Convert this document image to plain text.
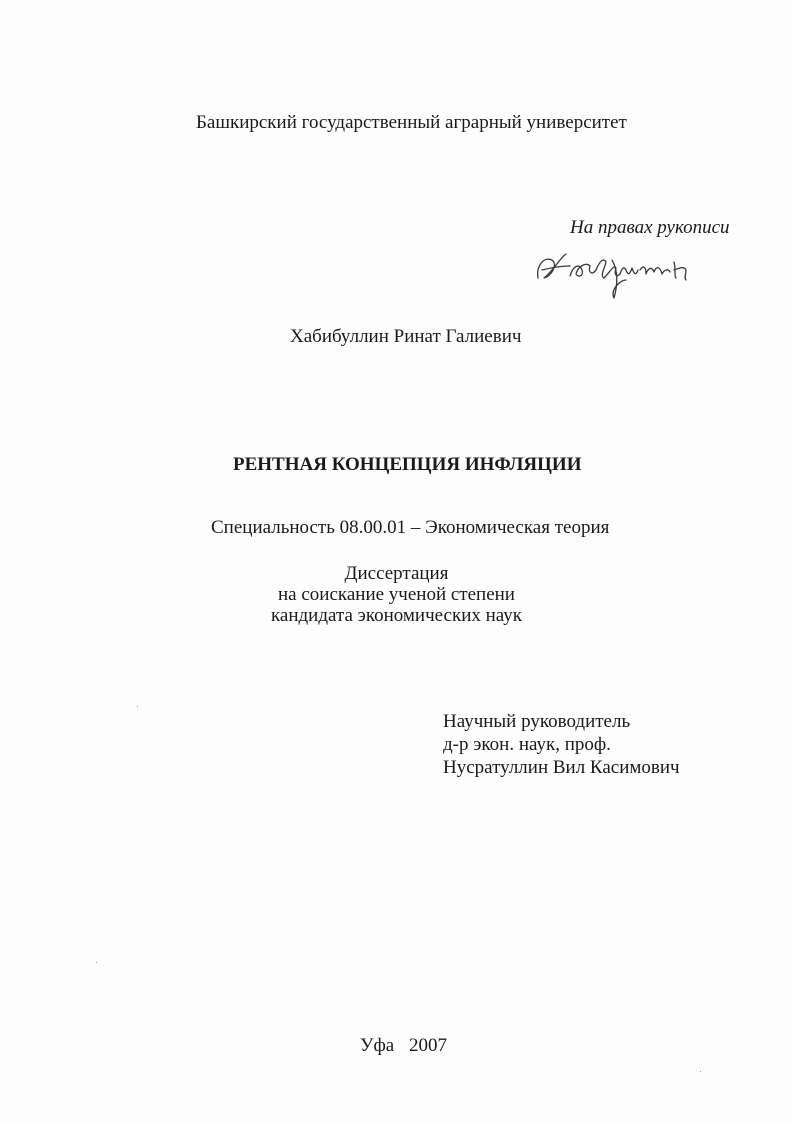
Башкирский государственный аграрный университет
На правах рукописи
Хабибуллин Ринат Галиевич
РЕНТНАЯ КОНЦЕПЦИЯ ИНФЛЯЦИИ
Специальность 08.00.01 – Экономическая теория
Диссертация
на соискание ученой степени
кандидата экономических наук
Научный руководитель
д-р экон. наук, проф.
Нусратуллин Вил Касимович
Уфа 2007
